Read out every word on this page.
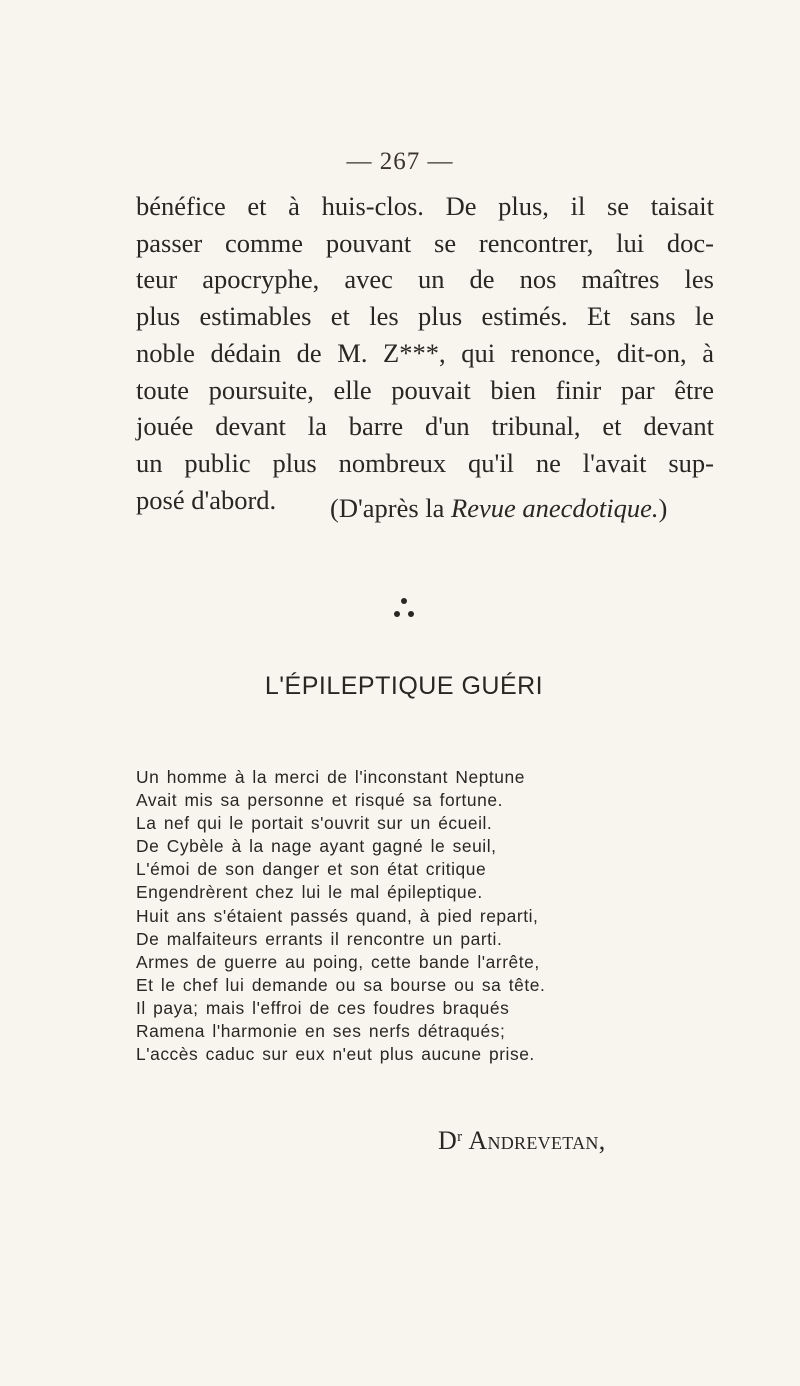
— 267 —
bénéfice et à huis-clos. De plus, il se taisait
passer comme pouvant se rencontrer, lui doc-
teur apocryphe, avec un de nos maîtres les
plus estimables et les plus estimés. Et sans le
noble dédain de M. Z***, qui renonce, dit-on, à
toute poursuite, elle pouvait bien finir par être
jouée devant la barre d'un tribunal, et devant
un public plus nombreux qu'il ne l'avait sup-
posé d'abord.	(D'après la Revue anecdotique.)
L'ÉPILEPTIQUE GUÉRI
Un homme à la merci de l'inconstant Neptune
Avait mis sa personne et risqué sa fortune.
La nef qui le portait s'ouvrit sur un écueil.
De Cybèle à la nage ayant gagné le seuil,
L'émoi de son danger et son état critique
Engendrèrent chez lui le mal épileptique.
Huit ans s'étaient passés quand, à pied reparti,
De malfaiteurs errants il rencontre un parti.
Armes de guerre au poing, cette bande l'arrête,
Et le chef lui demande ou sa bourse ou sa tête.
Il paya; mais l'effroi de ces foudres braqués
Ramena l'harmonie en ses nerfs détraqués;
L'accès caduc sur eux n'eut plus aucune prise.
$D^r$ Andrevetan,
